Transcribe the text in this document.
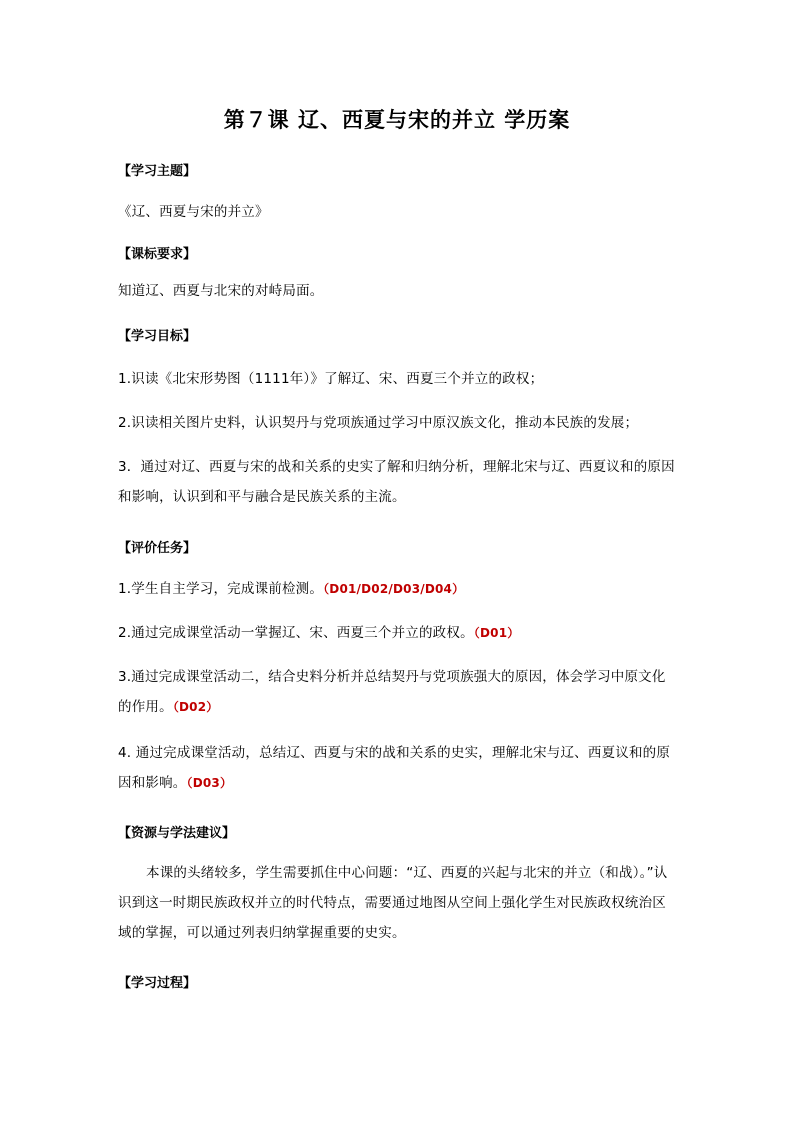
第７课 辽、西夏与宋的并立 学历案
【学习主题】
《辽、西夏与宋的并立》
【课标要求】
知道辽、西夏与北宋的对峙局面。
【学习目标】
1.识读《北宋形势图（1111年）》了解辽、宋、西夏三个并立的政权；
2.识读相关图片史料，认识契丹与党项族通过学习中原汉族文化，推动本民族的发展；
3．通过对辽、西夏与宋的战和关系的史实了解和归纳分析，理解北宋与辽、西夏议和的原因和影响，认识到和平与融合是民族关系的主流。
【评价任务】
1.学生自主学习，完成课前检测。（D01/D02/D03/D04）
2.通过完成课堂活动一掌握辽、宋、西夏三个并立的政权。（D01）
3.通过完成课堂活动二，结合史料分析并总结契丹与党项族强大的原因，体会学习中原文化的作用。（D02）
4. 通过完成课堂活动，总结辽、西夏与宋的战和关系的史实，理解北宋与辽、西夏议和的原因和影响。（D03）
【资源与学法建议】
本课的头绪较多，学生需要抓住中心问题：“辽、西夏的兴起与北宋的并立（和战）。”认识到这一时期民族政权并立的时代特点，需要通过地图从空间上强化学生对民族政权统治区域的掌握，可以通过列表归纳掌握重要的史实。
【学习过程】
